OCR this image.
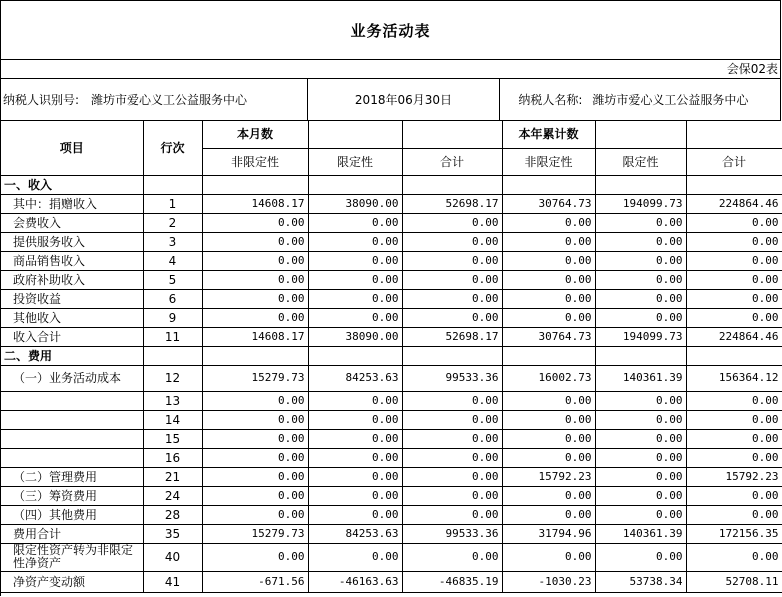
业务活动表
会保02表
纳税人识别号: 潍坊市爱心义工公益服务中心	2018年06月30日	纳税人名称: 潍坊市爱心义工公益服务中心
项目	行次	本月数			本年累计数		
		非限定性	限定性	合计	非限定性	限定性	合计
一、收入							
其中：捐赠收入	1	14608.17	38090.00	52698.17	30764.73	194099.73	224864.46
会费收入	2	0.00	0.00	0.00	0.00	0.00	0.00
提供服务收入	3	0.00	0.00	0.00	0.00	0.00	0.00
商品销售收入	4	0.00	0.00	0.00	0.00	0.00	0.00
政府补助收入	5	0.00	0.00	0.00	0.00	0.00	0.00
投资收益	6	0.00	0.00	0.00	0.00	0.00	0.00
其他收入	9	0.00	0.00	0.00	0.00	0.00	0.00
收入合计	11	14608.17	38090.00	52698.17	30764.73	194099.73	224864.46
二、费用							
（一）业务活动成本	12	15279.73	84253.63	99533.36	16002.73	140361.39	156364.12
	13	0.00	0.00	0.00	0.00	0.00	0.00
	14	0.00	0.00	0.00	0.00	0.00	0.00
	15	0.00	0.00	0.00	0.00	0.00	0.00
	16	0.00	0.00	0.00	0.00	0.00	0.00
（二）管理费用	21	0.00	0.00	0.00	15792.23	0.00	15792.23
（三）筹资费用	24	0.00	0.00	0.00	0.00	0.00	0.00
（四）其他费用	28	0.00	0.00	0.00	0.00	0.00	0.00
费用合计	35	15279.73	84253.63	99533.36	31794.96	140361.39	172156.35
限定性资产转为非限定性净资产	40	0.00	0.00	0.00	0.00	0.00	0.00
净资产变动额	41	-671.56	-46163.63	-46835.19	-1030.23	53738.34	52708.11
